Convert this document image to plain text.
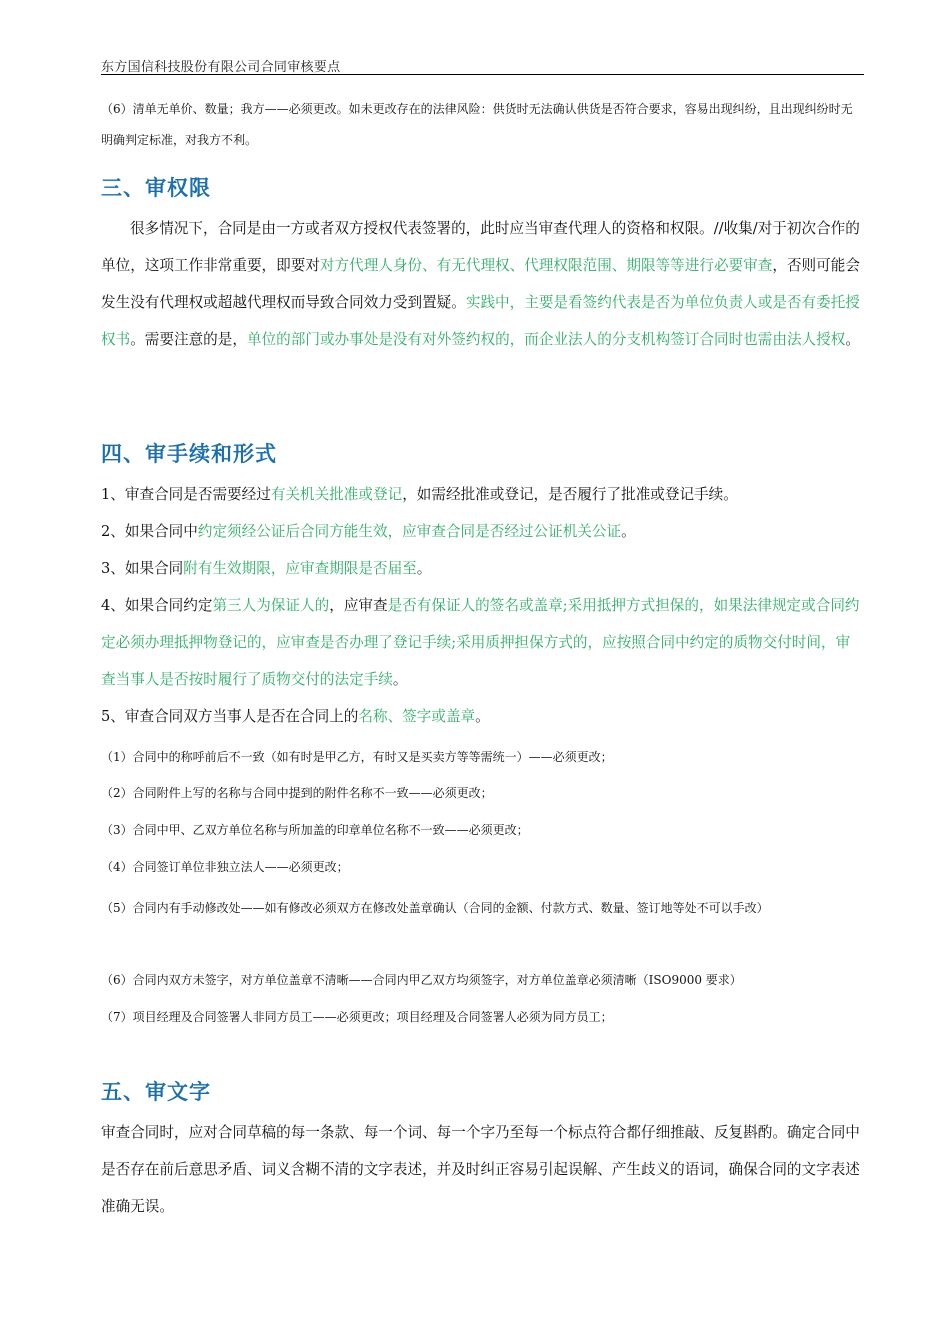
东方国信科技股份有限公司合同审核要点
（6）清单无单价、数量；我方——必须更改。如未更改存在的法律风险：供货时无法确认供货是否符合要求，容易出现纠纷，且出现纠纷时无明确判定标准，对我方不利。
三、审权限
很多情况下，合同是由一方或者双方授权代表签署的，此时应当审查代理人的资格和权限。//收集/对于初次合作的单位，这项工作非常重要，即要对对方代理人身份、有无代理权、代理权限范围、期限等等进行必要审查，否则可能会发生没有代理权或超越代理权而导致合同效力受到置疑。实践中，主要是看签约代表是否为单位负责人或是否有委托授权书。需要注意的是，单位的部门或办事处是没有对外签约权的，而企业法人的分支机构签订合同时也需由法人授权。
四、审手续和形式
1、审查合同是否需要经过有关机关批准或登记，如需经批准或登记，是否履行了批准或登记手续。
2、如果合同中约定须经公证后合同方能生效，应审查合同是否经过公证机关公证。
3、如果合同附有生效期限，应审查期限是否届至。
4、如果合同约定第三人为保证人的，应审查是否有保证人的签名或盖章;采用抵押方式担保的，如果法律规定或合同约定必须办理抵押物登记的，应审查是否办理了登记手续;采用质押担保方式的，应按照合同中约定的质物交付时间，审查当事人是否按时履行了质物交付的法定手续。
5、审查合同双方当事人是否在合同上的名称、签字或盖章。
（1）合同中的称呼前后不一致（如有时是甲乙方，有时又是买卖方等等需统一）——必须更改；
（2）合同附件上写的名称与合同中提到的附件名称不一致——必须更改；
（3）合同中甲、乙双方单位名称与所加盖的印章单位名称不一致——必须更改；
（4）合同签订单位非独立法人——必须更改；
（5）合同内有手动修改处——如有修改必须双方在修改处盖章确认（合同的金额、付款方式、数量、签订地等处不可以手改）
（6）合同内双方未签字，对方单位盖章不清晰——合同内甲乙双方均须签字，对方单位盖章必须清晰（ISO9000 要求）
（7）项目经理及合同签署人非同方员工——必须更改；项目经理及合同签署人必须为同方员工；
五、审文字
审查合同时，应对合同草稿的每一条款、每一个词、每一个字乃至每一个标点符合都仔细推敲、反复斟酌。确定合同中是否存在前后意思矛盾、词义含糊不清的文字表述，并及时纠正容易引起误解、产生歧义的语词，确保合同的文字表述准确无误。
